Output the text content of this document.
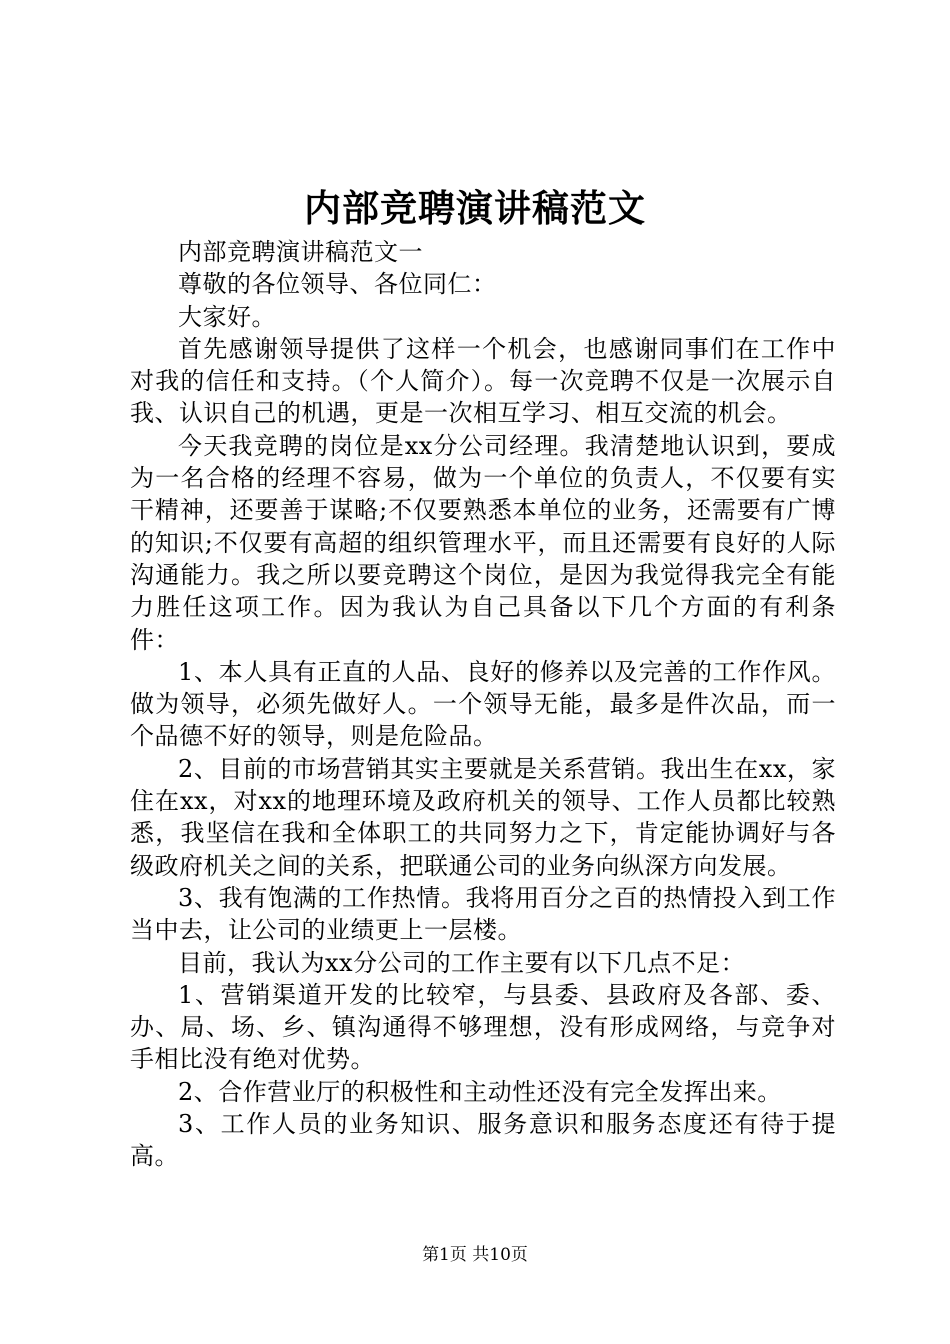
内部竞聘演讲稿范文

内部竞聘演讲稿范文一

尊敬的各位领导、各位同仁：

大家好。

首先感谢领导提供了这样一个机会，也感谢同事们在工作中对我的信任和支持。（个人简介）。每一次竞聘不仅是一次展示自我、认识自己的机遇，更是一次相互学习、相互交流的机会。

今天我竞聘的岗位是xx分公司经理。我清楚地认识到，要成为一名合格的经理不容易，做为一个单位的负责人，不仅要有实干精神，还要善于谋略;不仅要熟悉本单位的业务，还需要有广博的知识;不仅要有高超的组织管理水平，而且还需要有良好的人际沟通能力。我之所以要竞聘这个岗位，是因为我觉得我完全有能力胜任这项工作。因为我认为自己具备以下几个方面的有利条件：

1、本人具有正直的人品、良好的修养以及完善的工作作风。做为领导，必须先做好人。一个领导无能，最多是件次品，而一个品德不好的领导，则是危险品。

2、目前的市场营销其实主要就是关系营销。我出生在xx，家住在xx，对xx的地理环境及政府机关的领导、工作人员都比较熟悉，我坚信在我和全体职工的共同努力之下，肯定能协调好与各级政府机关之间的关系，把联通公司的业务向纵深方向发展。

3、我有饱满的工作热情。我将用百分之百的热情投入到工作当中去，让公司的业绩更上一层楼。

目前，我认为xx分公司的工作主要有以下几点不足：

1、营销渠道开发的比较窄，与县委、县政府及各部、委、办、局、场、乡、镇沟通得不够理想，没有形成网络，与竞争对手相比没有绝对优势。

2、合作营业厅的积极性和主动性还没有完全发挥出来。

3、工作人员的业务知识、服务意识和服务态度还有待于提高。

第1页 共10页
